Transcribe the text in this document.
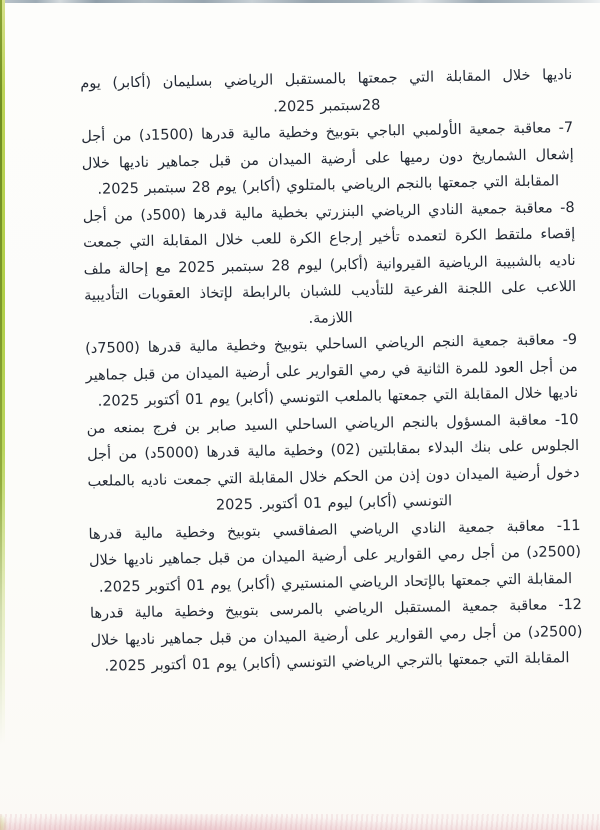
ناديها خلال المقابلة التي جمعتها بالمستقبل الرياضي بسليمان (أكابر) يوم 28سبتمبر 2025.

7- معاقبة جمعية الأولمبي الباجي بتوبيخ وخطية مالية قدرها (1500د) من أجل إشعال الشماريخ دون رميها على أرضية الميدان من قبل جماهير ناديها خلال المقابلة التي جمعتها بالنجم الرياضي بالمتلوي (أكابر) يوم 28 سبتمبر 2025.

8- معاقبة جمعية النادي الرياضي البنزرتي بخطية مالية قدرها (500د) من أجل إقصاء ملتقط الكرة لتعمده تأخير إرجاع الكرة للعب خلال المقابلة التي جمعت ناديه بالشبيبة الرياضية القيروانية (أكابر) ليوم 28 سبتمبر 2025 مع إحالة ملف اللاعب على اللجنة الفرعية للتأديب للشبان بالرابطة لإتخاذ العقوبات التأديبية اللازمة.

9- معاقبة جمعية النجم الرياضي الساحلي بتوبيخ وخطية مالية قدرها (7500د) من أجل العود للمرة الثانية في رمي القوارير على أرضية الميدان من قبل جماهير ناديها خلال المقابلة التي جمعتها بالملعب التونسي (أكابر) يوم 01 أكتوبر 2025.

10- معاقبة المسؤول بالنجم الرياضي الساحلي السيد صابر بن فرج بمنعه من الجلوس على بنك البدلاء بمقابلتين (02) وخطية مالية قدرها (5000د) من أجل دخول أرضية الميدان دون إذن من الحكم خلال المقابلة التي جمعت ناديه بالملعب التونسي (أكابر) ليوم 01 أكتوبر. 2025

11- معاقبة جمعية النادي الرياضي الصفاقسي بتوبيخ وخطية مالية قدرها (2500د) من أجل رمي القوارير على أرضية الميدان من قبل جماهير ناديها خلال المقابلة التي جمعتها بالإتحاد الرياضي المنستيري (أكابر) يوم 01 أكتوبر 2025.

12- معاقبة جمعية المستقبل الرياضي بالمرسى بتوبيخ وخطية مالية قدرها (2500د) من أجل رمي القوارير على أرضية الميدان من قبل جماهير ناديها خلال المقابلة التي جمعتها بالترجي الرياضي التونسي (أكابر) يوم 01 أكتوبر 2025.
